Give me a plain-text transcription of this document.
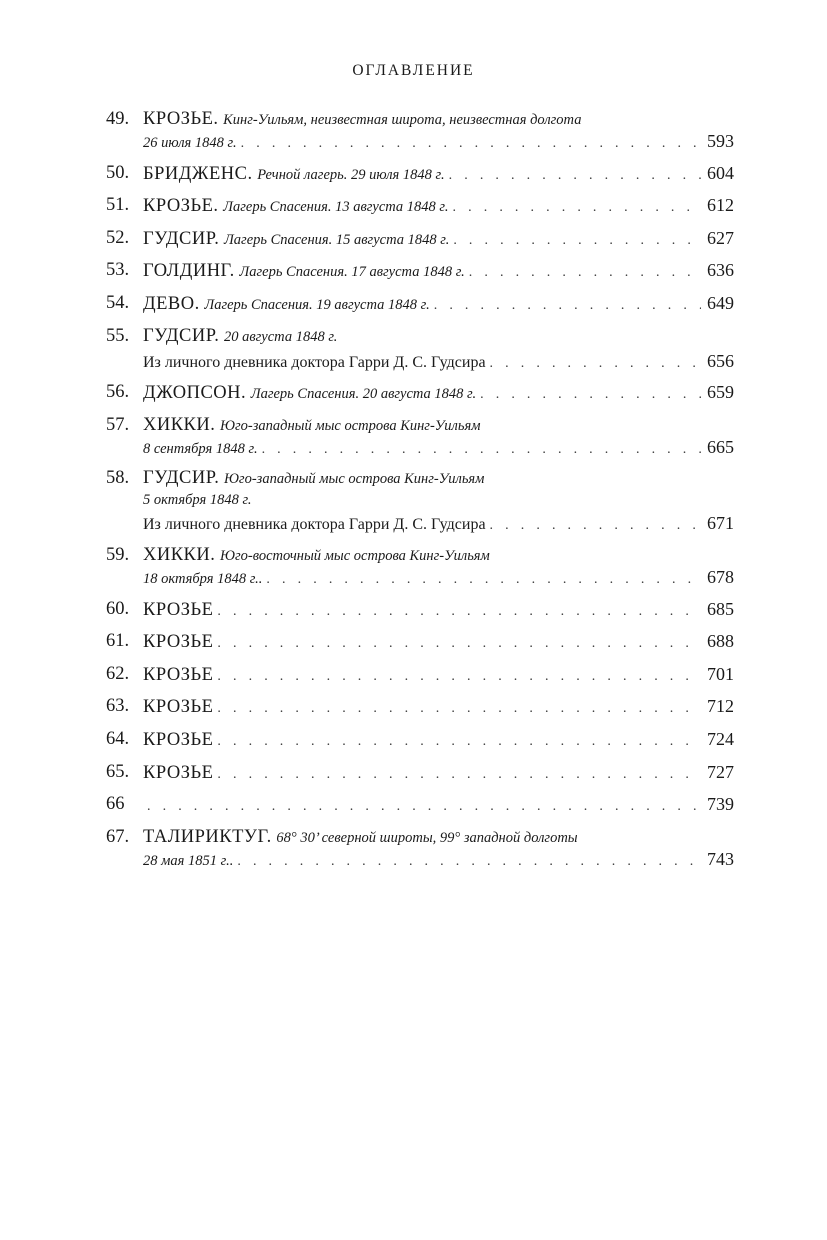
ОГЛАВЛЕНИЕ
49. КРОЗЬЕ.
Кинг-Уильям, неизвестная широта, неизвестная долгота
26 июля 1848 г. . . .	593
50. БРИДЖЕНС.
Речной лагерь. 29 июля 1848 г. . . .	604
51. КРОЗЬЕ.
Лагерь Спасения. 13 августа 1848 г. . . .	612
52. ГУДСИР.
Лагерь Спасения. 15 августа 1848 г. . . .	627
53. ГОЛДИНГ.
Лагерь Спасения. 17 августа 1848 г. . . .	636
54. ДЕВО.
Лагерь Спасения. 19 августа 1848 г. . . .	649
55. ГУДСИР.
20 августа 1848 г.
Из личного дневника доктора Гарри Д. С. Гудсира . . .	656
56. ДЖОПСОН.
Лагерь Спасения. 20 августа 1848 г. . . .	659
57. ХИККИ.
Юго-западный мыс острова Кинг-Уильям
8 сентября 1848 г. . . .	665
58. ГУДСИР.
Юго-западный мыс острова Кинг-Уильям
5 октября 1848 г.
Из личного дневника доктора Гарри Д. С. Гудсира . . .	671
59. ХИККИ.
Юго-восточный мыс острова Кинг-Уильям
18 октября 1848 г.. . . .	678
60. КРОЗЬЕ . . .	685
61. КРОЗЬЕ . . .	688
62. КРОЗЬЕ . . .	701
63. КРОЗЬЕ . . .	712
64. КРОЗЬЕ . . .	724
65. КРОЗЬЕ . . .	727
66 . . .	739
67. ТАЛИРИКТУГ.
68° 30’ северной широты, 99° западной долготы
28 мая 1851 г.. . . .	743
